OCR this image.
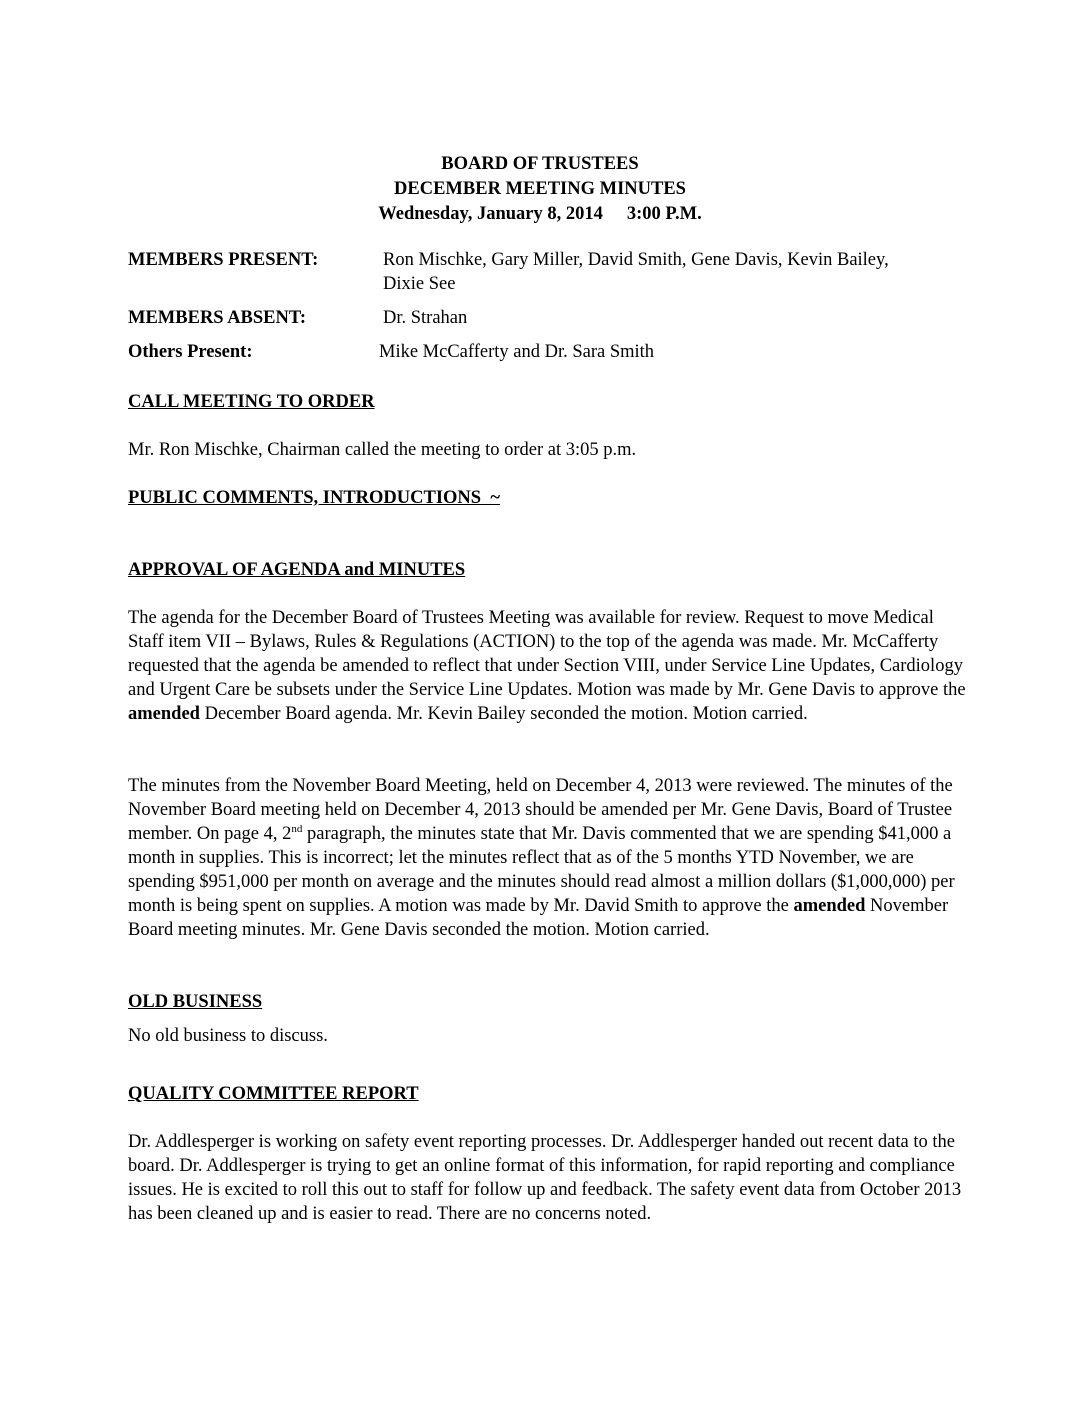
BOARD OF TRUSTEES
DECEMBER MEETING MINUTES
Wednesday, January 8, 2014 3:00 P.M.
MEMBERS PRESENT:	Ron Mischke, Gary Miller, David Smith, Gene Davis, Kevin Bailey,
Dixie See
MEMBERS ABSENT:	Dr. Strahan
Others Present:	Mike McCafferty and Dr. Sara Smith
CALL MEETING TO ORDER
Mr. Ron Mischke, Chairman called the meeting to order at 3:05 p.m.
PUBLIC COMMENTS, INTRODUCTIONS  ~
APPROVAL OF AGENDA and MINUTES
The agenda for the December Board of Trustees Meeting was available for review. Request to move Medical Staff item VII – Bylaws, Rules & Regulations (ACTION) to the top of the agenda was made. Mr. McCafferty requested that the agenda be amended to reflect that under Section VIII, under Service Line Updates, Cardiology and Urgent Care be subsets under the Service Line Updates. Motion was made by Mr. Gene Davis to approve the amended December Board agenda. Mr. Kevin Bailey seconded the motion. Motion carried.
The minutes from the November Board Meeting, held on December 4, 2013 were reviewed. The minutes of the November Board meeting held on December 4, 2013 should be amended per Mr. Gene Davis, Board of Trustee member. On page 4, 2nd paragraph, the minutes state that Mr. Davis commented that we are spending $41,000 a month in supplies. This is incorrect; let the minutes reflect that as of the 5 months YTD November, we are spending $951,000 per month on average and the minutes should read almost a million dollars ($1,000,000) per month is being spent on supplies. A motion was made by Mr. David Smith to approve the amended November Board meeting minutes. Mr. Gene Davis seconded the motion. Motion carried.
OLD BUSINESS
No old business to discuss.
QUALITY COMMITTEE REPORT
Dr. Addlesperger is working on safety event reporting processes. Dr. Addlesperger handed out recent data to the board. Dr. Addlesperger is trying to get an online format of this information, for rapid reporting and compliance issues. He is excited to roll this out to staff for follow up and feedback. The safety event data from October 2013 has been cleaned up and is easier to read. There are no concerns noted.
